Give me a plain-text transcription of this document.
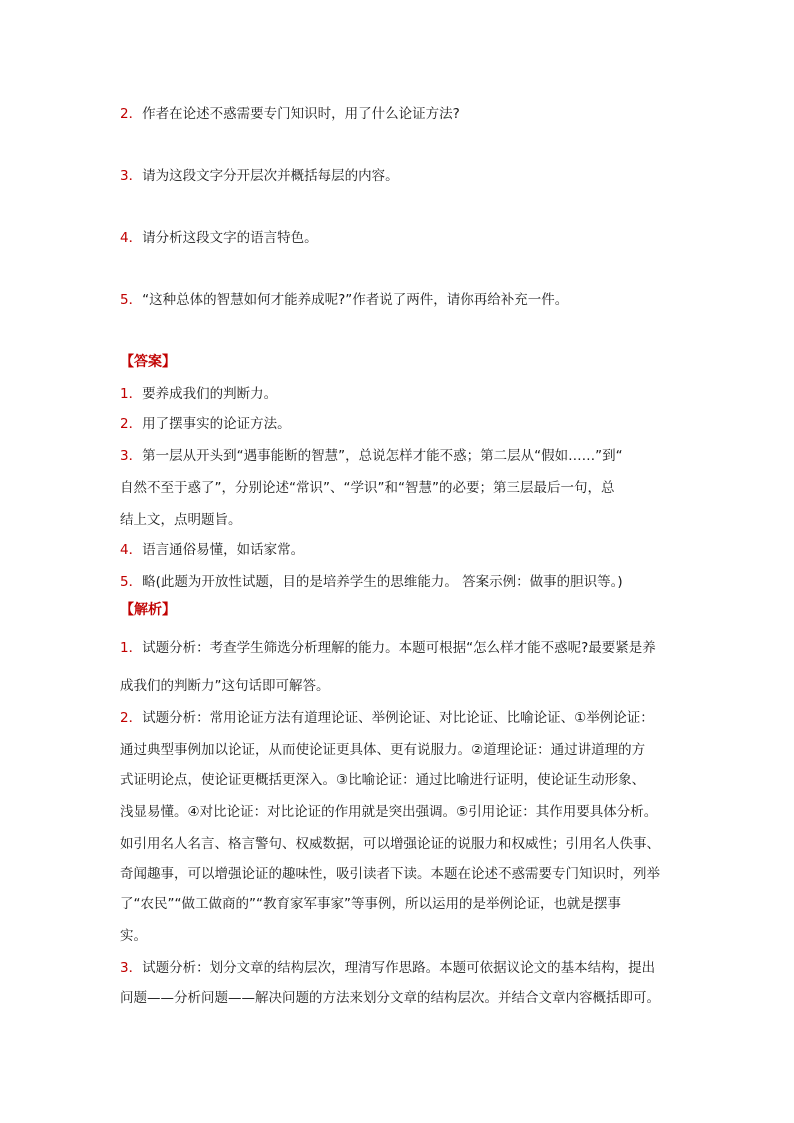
2．作者在论述不惑需要专门知识时，用了什么论证方法?
3．请为这段文字分开层次并概括每层的内容。
4．请分析这段文字的语言特色。
5．“这种总体的智慧如何才能养成呢?”作者说了两件，请你再给补充一件。
【答案】
1．要养成我们的判断力。
2．用了摆事实的论证方法。
3．第一层从开头到“遇事能断的智慧”，总说怎样才能不惑；第二层从“假如……”到“
自然不至于惑了”，分别论述“常识”、“学识”和“智慧”的必要；第三层最后一句，总
结上文，点明题旨。
4．语言通俗易懂，如话家常。
5．略(此题为开放性试题，目的是培养学生的思维能力。 答案示例：做事的胆识等。)
【解析】
1．试题分析：考查学生筛选分析理解的能力。本题可根据“怎么样才能不惑呢?最要紧是养
成我们的判断力”这句话即可解答。
2．试题分析：常用论证方法有道理论证、举例论证、对比论证、比喻论证、①举例论证：
通过典型事例加以论证，从而使论证更具体、更有说服力。②道理论证：通过讲道理的方
式证明论点，使论证更概括更深入。③比喻论证：通过比喻进行证明，使论证生动形象、
浅显易懂。④对比论证：对比论证的作用就是突出强调。⑤引用论证：其作用要具体分析。
如引用名人名言、格言警句、权威数据，可以增强论证的说服力和权威性；引用名人佚事、
奇闻趣事，可以增强论证的趣味性，吸引读者下读。本题在论述不惑需要专门知识时，列举
了“农民”“做工做商的”“教育家军事家”等事例，所以运用的是举例论证，也就是摆事
实。
3．试题分析：划分文章的结构层次，理清写作思路。本题可依据议论文的基本结构，提出
问题——分析问题——解决问题的方法来划分文章的结构层次。并结合文章内容概括即可。
